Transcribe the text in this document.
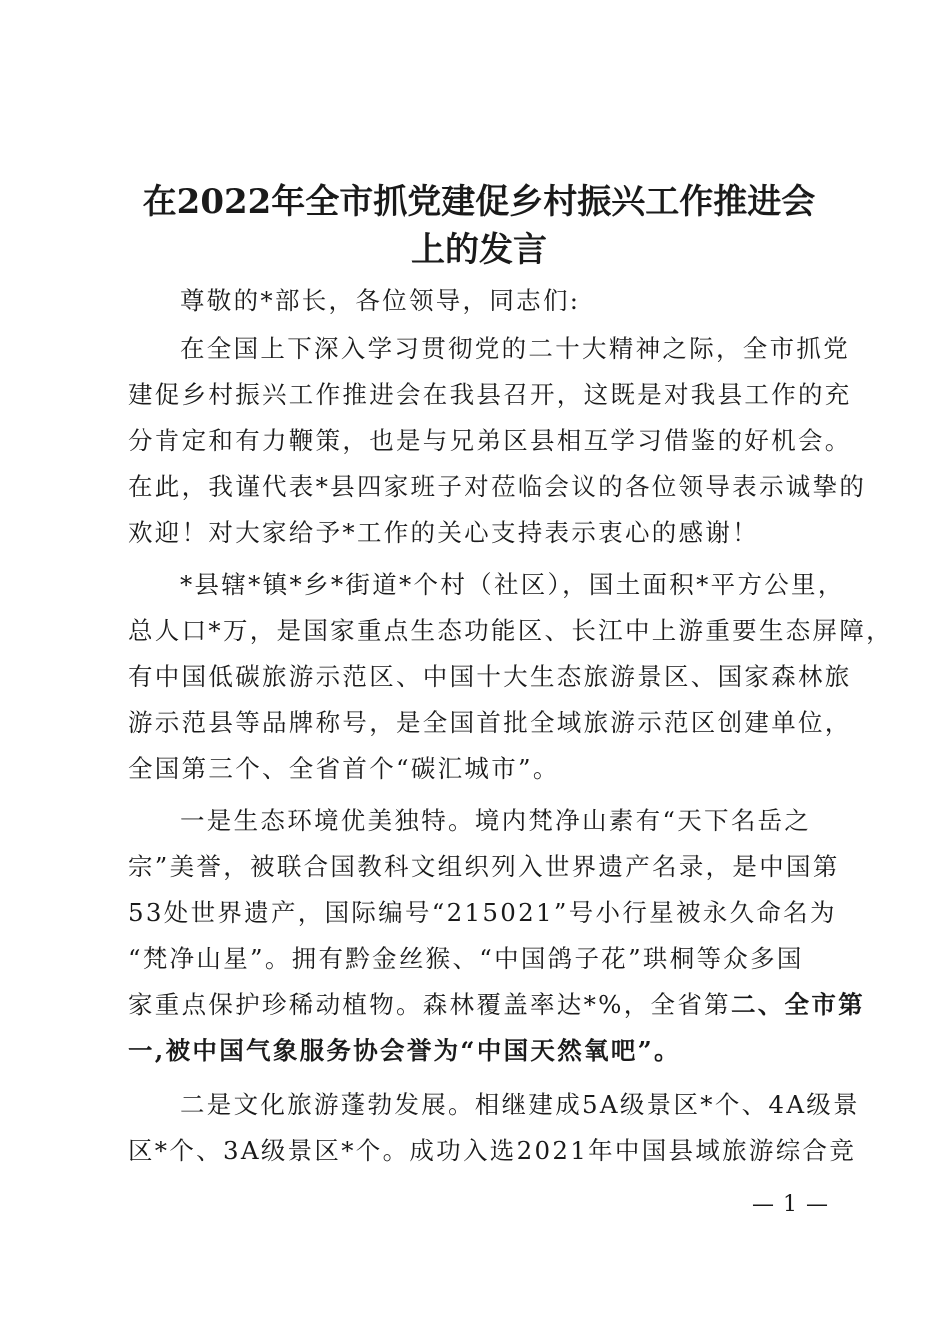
在2022年全市抓党建促乡村振兴工作推进会
上的发言

尊敬的*部长，各位领导，同志们:

在全国上下深入学习贯彻党的二十大精神之际，全市抓党
建促乡村振兴工作推进会在我县召开，这既是对我县工作的充
分肯定和有力鞭策，也是与兄弟区县相互学习借鉴的好机会。
在此，我谨代表*县四家班子对莅临会议的各位领导表示诚挚的
欢迎！对大家给予*工作的关心支持表示衷心的感谢！

*县辖*镇*乡*街道*个村（社区），国土面积*平方公里，
总人口*万，是国家重点生态功能区、长江中上游重要生态屏障，
有中国低碳旅游示范区、中国十大生态旅游景区、国家森林旅
游示范县等品牌称号，是全国首批全域旅游示范区创建单位，
全国第三个、全省首个“碳汇城市”。

一是生态环境优美独特。境内梵净山素有“天下名岳之
宗”美誉，被联合国教科文组织列入世界遗产名录，是中国第
53处世界遗产，国际编号“215021”号小行星被永久命名为
“梵净山星”。拥有黔金丝猴、“中国鸽子花”珙桐等众多国
家重点保护珍稀动植物。森林覆盖率达*%，全省第二、全市第
一,被中国气象服务协会誉为“中国天然氧吧”。

二是文化旅游蓬勃发展。相继建成5A级景区*个、4A级景
区*个、3A级景区*个。成功入选2021年中国县域旅游综合竞

— 1 —
